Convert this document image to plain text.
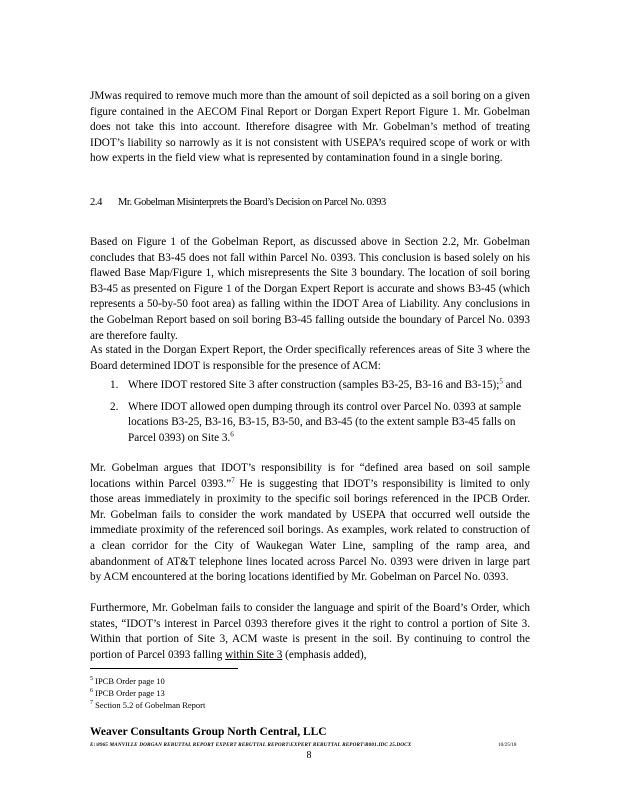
JMwas required to remove much more than the amount of soil depicted as a soil boring on a given figure contained in the AECOM Final Report or Dorgan Expert Report Figure 1. Mr. Gobelman does not take this into account. Itherefore disagree with Mr. Gobelman’s method of treating IDOT’s liability so narrowly as it is not consistent with USEPA’s required scope of work or with how experts in the field view what is represented by contamination found in a single boring.

2.4 Mr. Gobelman Misinterprets the Board’s Decision on Parcel No. 0393

Based on Figure 1 of the Gobelman Report, as discussed above in Section 2.2, Mr. Gobelman concludes that B3-45 does not fall within Parcel No. 0393. This conclusion is based solely on his flawed Base Map/Figure 1, which misrepresents the Site 3 boundary. The location of soil boring B3-45 as presented on Figure 1 of the Dorgan Expert Report is accurate and shows B3-45 (which represents a 50-by-50 foot area) as falling within the IDOT Area of Liability. Any conclusions in the Gobelman Report based on soil boring B3-45 falling outside the boundary of Parcel No. 0393 are therefore faulty.

As stated in the Dorgan Expert Report, the Order specifically references areas of Site 3 where the Board determined IDOT is responsible for the presence of ACM:

1. Where IDOT restored Site 3 after construction (samples B3-25, B3-16 and B3-15);$^5$ and
2. Where IDOT allowed open dumping through its control over Parcel No. 0393 at sample locations B3-25, B3-16, B3-15, B3-50, and B3-45 (to the extent sample B3-45 falls on Parcel 0393) on Site 3.$^6$

Mr. Gobelman argues that IDOT’s responsibility is for “defined area based on soil sample locations within Parcel 0393.”$^7$ He is suggesting that IDOT’s responsibility is limited to only those areas immediately in proximity to the specific soil borings referenced in the IPCB Order. Mr. Gobelman fails to consider the work mandated by USEPA that occurred well outside the immediate proximity of the referenced soil borings. As examples, work related to construction of a clean corridor for the City of Waukegan Water Line, sampling of the ramp area, and abandonment of AT&T telephone lines located across Parcel No. 0393 were driven in large part by ACM encountered at the boring locations identified by Mr. Gobelman on Parcel No. 0393.

Furthermore, Mr. Gobelman fails to consider the language and spirit of the Board’s Order, which states, “IDOT’s interest in Parcel 0393 therefore gives it the right to control a portion of Site 3. Within that portion of Site 3, ACM waste is present in the soil. By continuing to control the portion of Parcel 0393 falling within Site 3 (emphasis added),

$^5$ IPCB Order page 10
$^6$ IPCB Order page 13
$^7$ Section 5.2 of Gobelman Report
Weaver Consultants Group North Central, LLC
E:\8965 MANVILLE DORGAN REBUTTAL REPORT EXPERT REBUTTAL REPORT\EXPERT REBUTTAL REPORT\R001.IDC 25.DOCX	10/25/18
8
